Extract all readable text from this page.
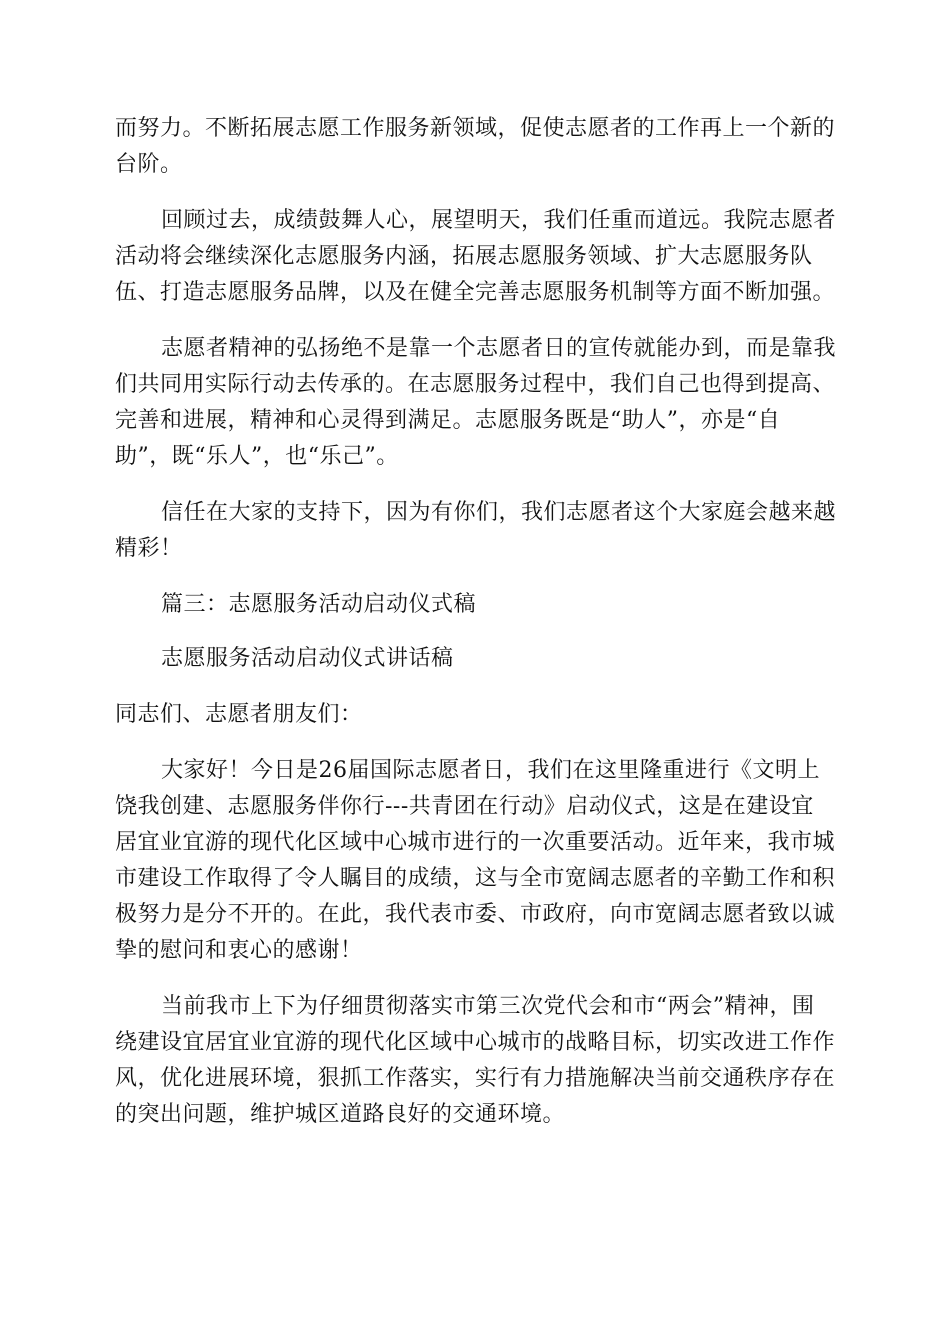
而努力。不断拓展志愿工作服务新领域，促使志愿者的工作再上一个新的
台阶。
回顾过去，成绩鼓舞人心，展望明天，我们任重而道远。我院志愿者
活动将会继续深化志愿服务内涵，拓展志愿服务领域、扩大志愿服务队
伍、打造志愿服务品牌，以及在健全完善志愿服务机制等方面不断加强。
志愿者精神的弘扬绝不是靠一个志愿者日的宣传就能办到，而是靠我
们共同用实际行动去传承的。在志愿服务过程中，我们自己也得到提高、
完善和进展，精神和心灵得到满足。志愿服务既是“助人”，亦是“自
助”，既“乐人”，也“乐己”。
信任在大家的支持下，因为有你们，我们志愿者这个大家庭会越来越
精彩！
篇三：志愿服务活动启动仪式稿
志愿服务活动启动仪式讲话稿
同志们、志愿者朋友们：
大家好！今日是26届国际志愿者日，我们在这里隆重进行《文明上
饶我创建、志愿服务伴你行---共青团在行动》启动仪式，这是在建设宜
居宜业宜游的现代化区域中心城市进行的一次重要活动。近年来，我市城
市建设工作取得了令人瞩目的成绩，这与全市宽阔志愿者的辛勤工作和积
极努力是分不开的。在此，我代表市委、市政府，向市宽阔志愿者致以诚
挚的慰问和衷心的感谢！
当前我市上下为仔细贯彻落实市第三次党代会和市“两会”精神，围
绕建设宜居宜业宜游的现代化区域中心城市的战略目标，切实改进工作作
风，优化进展环境，狠抓工作落实，实行有力措施解决当前交通秩序存在
的突出问题，维护城区道路良好的交通环境。
